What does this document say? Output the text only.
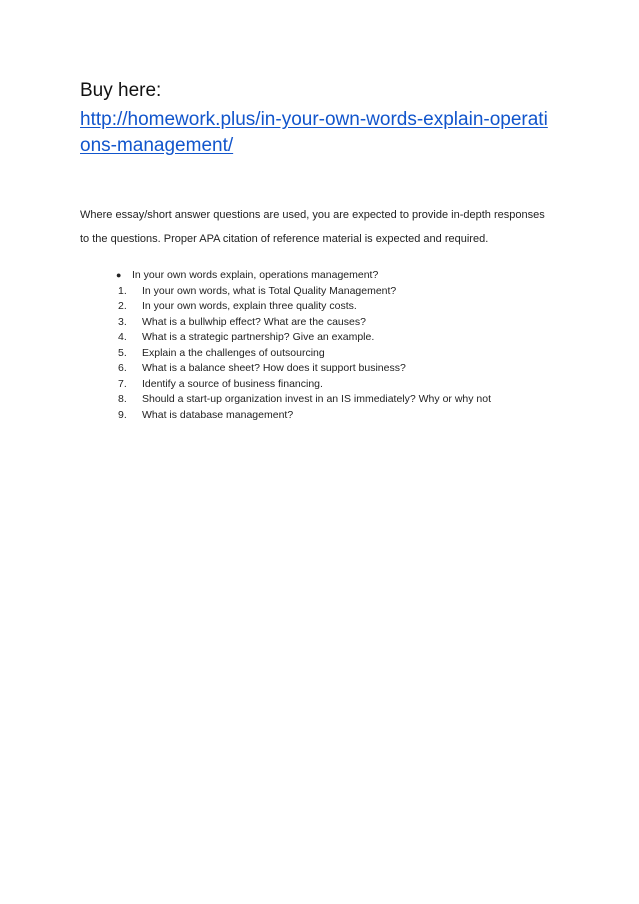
Buy here:
http://homework.plus/in-your-own-words-explain-operati
ons-management/

Where essay/short answer questions are used, you are expected to provide in-depth responses
to the questions. Proper APA citation of reference material is expected and required.

● In your own words explain, operations management?
1.	In your own words, what is Total Quality Management?
2.	In your own words, explain three quality costs.
3.	What is a bullwhip effect? What are the causes?
4.	What is a strategic partnership? Give an example.
5.	Explain a the challenges of outsourcing
6.	What is a balance sheet? How does it support business?
7.	Identify a source of business financing.
8.	Should a start-up organization invest in an IS immediately? Why or why not
9.	What is database management?
